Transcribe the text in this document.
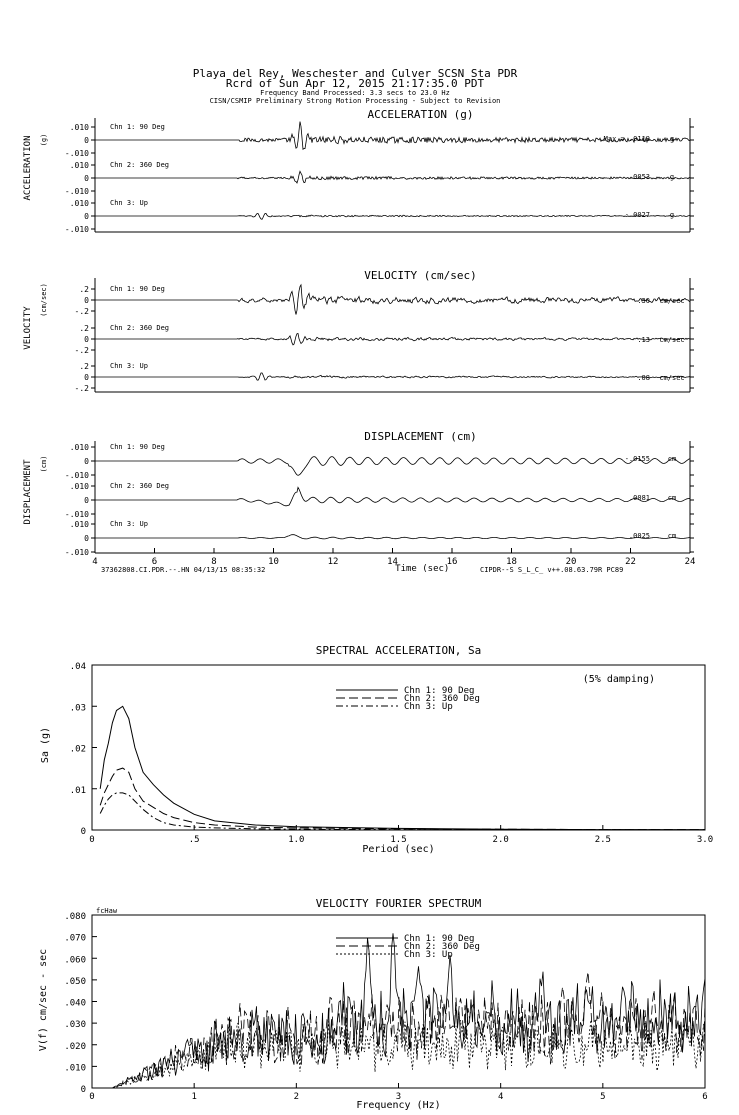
Playa del Rey, Weschester and Culver SCSN Sta PDR
Rcrd of Sun Apr 12, 2015 21:17:35.0 PDT
Frequency Band Processed: 3.3 secs to 23.0 Hz
CISN/CSMIP Preliminary Strong Motion Processing - Subject to Revision
ACCELERATION (g)
ACCELERATION (g)
.010
0
-.010
Chn 1: 90 Deg
Max = .0119	g
.010
0
-.010
Chn 2: 360 Deg
.0053	g
.010
0
-.010
Chn 3: Up
-.0027	g
VELOCITY (cm/sec)
VELOCITY
(cm/sec)	.2
0
-.2
Chn 1: 90 Deg
.30 cm/sec
.2
0
-.2
Chn 2: 360 Deg
.13 cm/sec
.2
0
-.2
Chn 3: Up
.08 cm/sec
DISPLACEMENT (cm)
DISPLACEMENT (cm)
.010
0
-.010
Chn 1: 90 Deg
-.0155	cm
.010
0
-.010
Chn 2: 360 Deg
.0081	cm
.010
0
-.010
Chn 3: Up
.0025	cm
4	6	8	10	12	14	16	18	20	22	24
Time (sec)
37362808.CI.PDR.--.HN 04/13/15 08:35:32	CIPDR--S S_L_C_ v++.08.63.79R PC89
SPECTRAL ACCELERATION, Sa
(5% damping)
.04
.03
.02
.01
0
0	.5	1.0	1.5	2.0	2.5	3.0
Period (sec)
Sa (g)
Chn 1: 90 Deg
Chn 2: 360 Deg
Chn 3: Up
VELOCITY FOURIER SPECTRUM
fcHaw
.080
.070
.060
.050
.040
.030
.020
.010
0
0	1	2	3	4	5	6
Frequency (Hz)
V(f) cm/sec - sec
Chn 1: 90 Deg
Chn 2: 360 Deg
Chn 3: Up
